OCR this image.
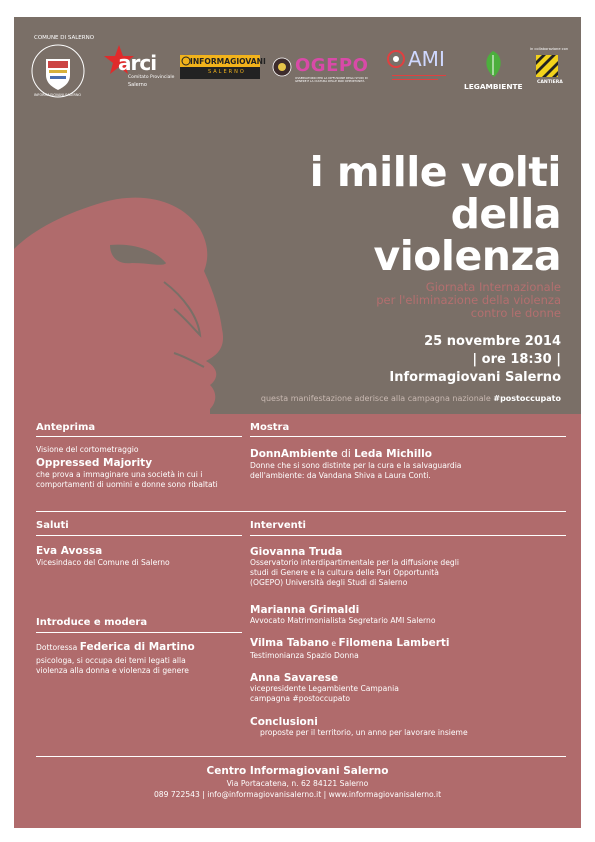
COMUNE DI SALERNO
INFORMAGIOVANI SALERNO
arci
Comitato Provinciale
Salerno
INFORMAGIOVANI
SALERNO	OGEPO
OSSERVATORIO PER LA DIFFUSIONE DEGLI STUDI DI GENERE E LA CULTURA DELLE PARI OPPORTUNITÀ
AMI
LEGAMBIENTE
in collaborazione con
CANTIERA
i mille volti
della
violenza
Giornata Internazionale
per l'eliminazione della violenza
contro le donne
25 novembre 2014
| ore 18:30 |
Informagiovani Salerno
questa manifestazione aderisce alla campagna nazionale #postoccupato
Anteprima
Visione del cortometraggio
Oppressed Majority
che prova a immaginare una società in cui i
comportamenti di uomini e donne sono ribaltati
Saluti
Eva Avossa
Vicesindaco del Comune di Salerno
Introduce e modera
Dottoressa Federica di Martino
psicologa, si occupa dei temi legati alla
violenza alla donna e violenza di genere
Mostra
DonnAmbiente di Leda Michillo
Donne che si sono distinte per la cura e la salvaguardia
dell'ambiente: da Vandana Shiva a Laura Conti.
Interventi
Giovanna Truda
Osservatorio interdipartimentale per la diffusione degli
studi di Genere e la cultura delle Pari Opportunità
(OGEPO) Università degli Studi di Salerno
Marianna Grimaldi
Avvocato Matrimonialista Segretario AMI Salerno
Vilma Tabano e Filomena Lamberti
Testimonianza Spazio Donna
Anna Savarese
vicepresidente Legambiente Campania
campagna #postoccupato
Conclusioni
proposte per il territorio, un anno per lavorare insieme
Centro Informagiovani Salerno
Via Portacatena, n. 62 84121 Salerno
089 722543 | info@informagiovanisalerno.it | www.informagiovanisalerno.it
